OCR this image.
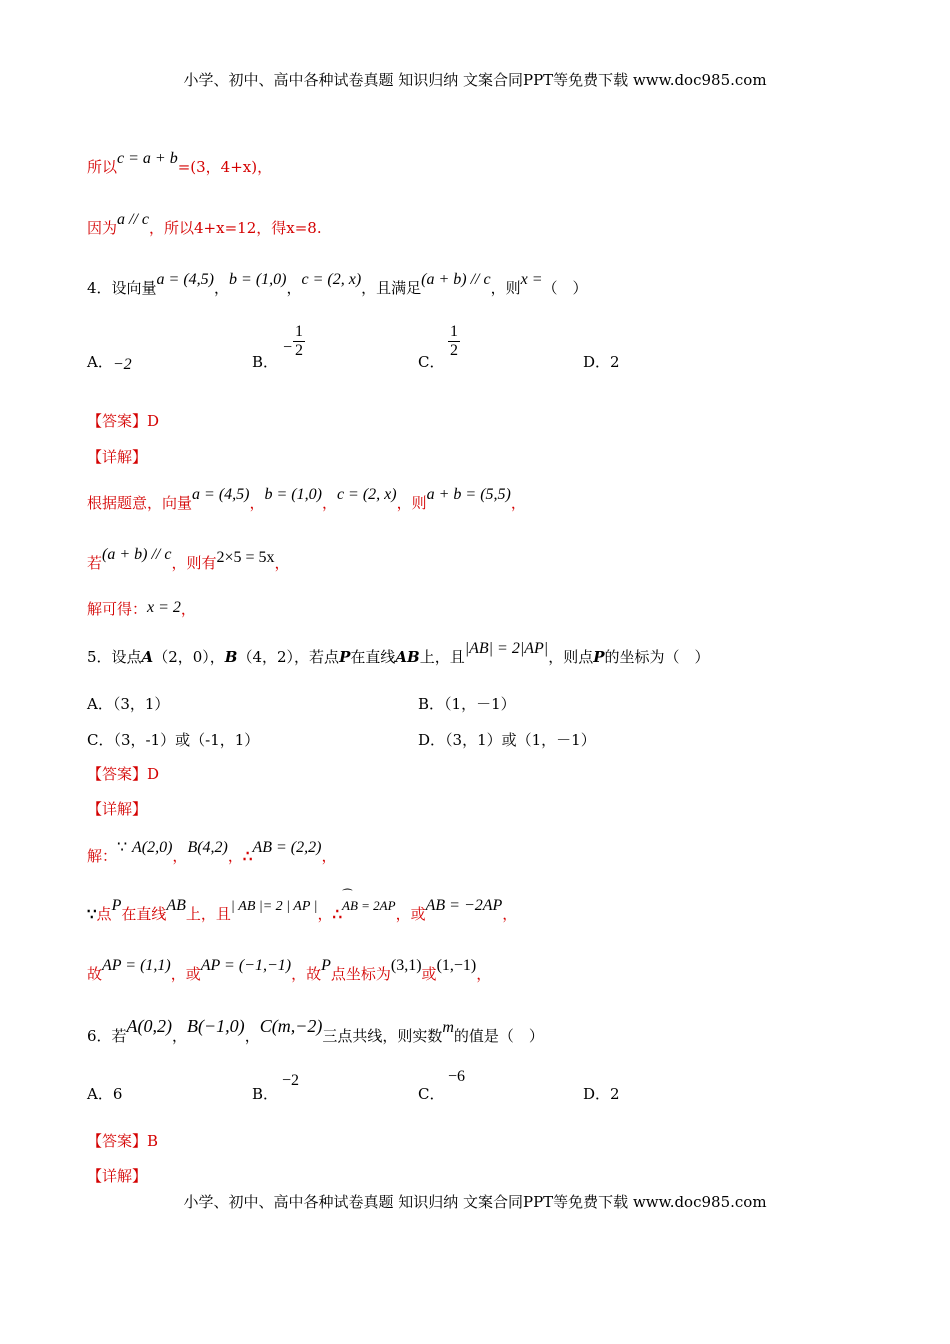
小学、初中、高中各种试卷真题 知识归纳 文案合同PPT等免费下载 www.doc985.com
所以c = a + b=(3，4+x)，
因为a // c，所以4+x=12，得x=8.
4．设向量a = (4,5)，b = (1,0)，c = (2, x)，且满足(a + b) // c，则x =（　）
A．−2	B．
−
1
2
C．
1
2
D．2
【答案】D
【详解】
根据题意，向量a = (4,5)，b = (1,0)，c = (2, x)，则a + b = (5,5)，
若(a + b) // c，则有2×5 = 5x，
解可得：x = 2，
5．设点A（2，0），B（4，2），若点P在直线AB上，且|AB| = 2|AP|，则点P的坐标为（　）
A．（3，1）	B．（1，－1）
C．（3，-1）或（-1，1）	D．（3，1）或（1，－1）
【答案】D
【详解】
解：∵ A(2,0)，B(4,2)，∴AB = (2,2)，
∵点P在直线AB上，且| AB |= 2 | AP |，∴⁀ AB = 2AP，或AB = −2AP，
故AP = (1,1)，或AP = (−1,−1)，故P点坐标为(3,1)或(1,−1)，
6．若A(0,2)，B(−1,0)，C(m,−2)三点共线，则实数m的值是（　）
A．6	B．
−2
C．
−6
D．2
【答案】B
【详解】
小学、初中、高中各种试卷真题 知识归纳 文案合同PPT等免费下载 www.doc985.com
